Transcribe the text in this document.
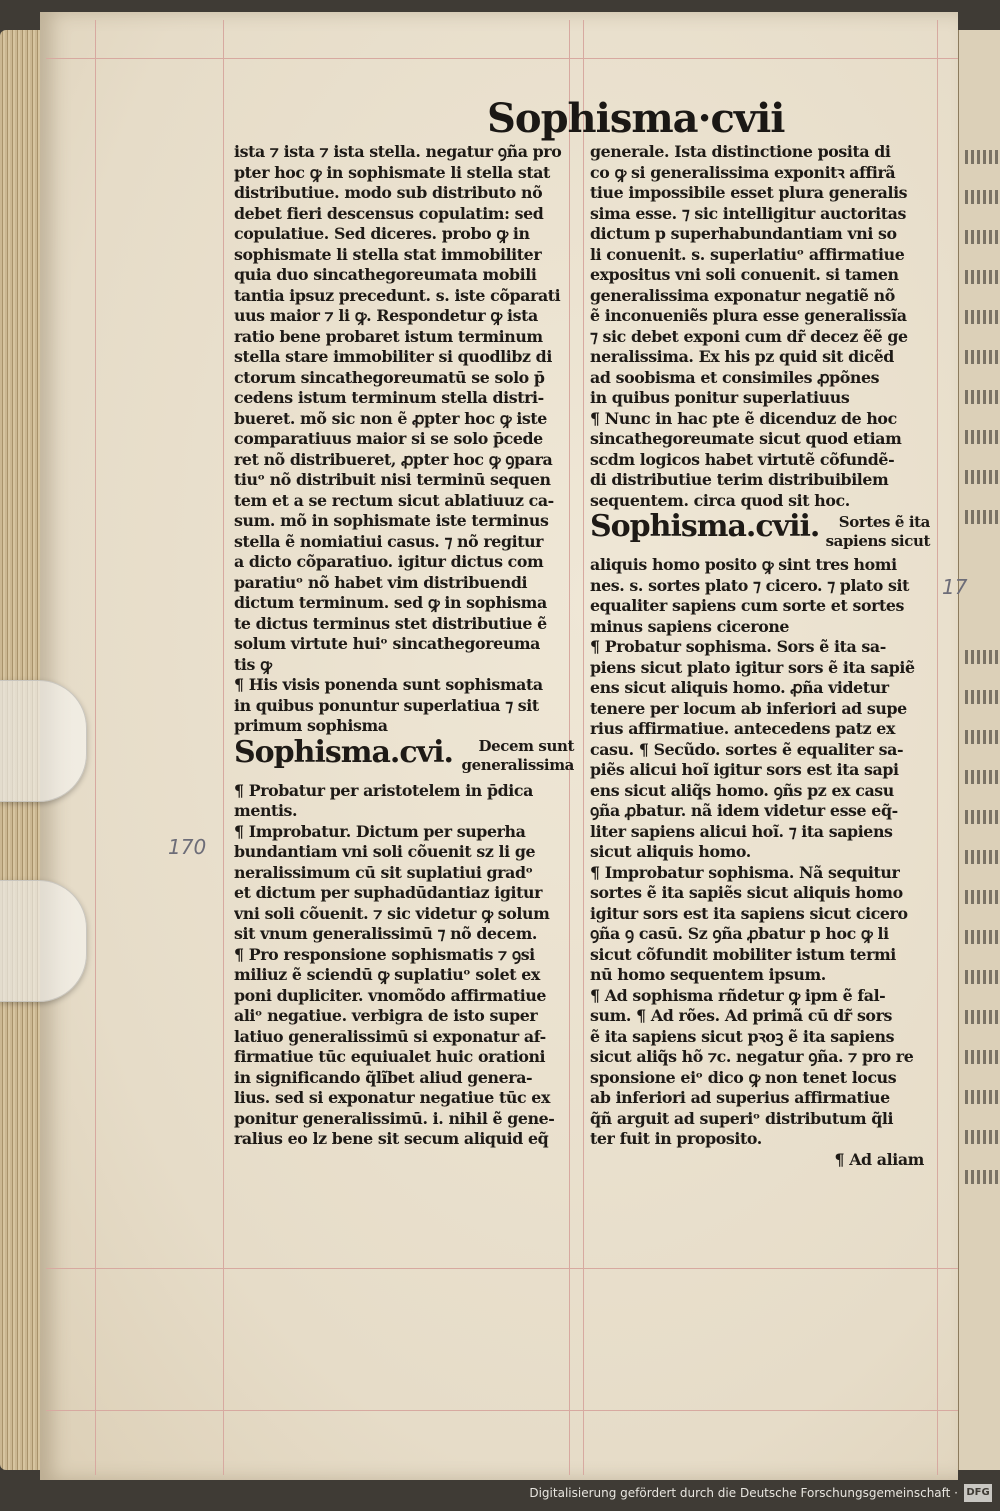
Sophisma·cvii
ista ⁊ ista ⁊ ista stella. negatur ꝯña pro
pter hoc ꝙ in sophismate li stella stat
distributiue. modo sub distributo nõ
debet fieri descensus copulatim: sed
copulatiue. Sed diceres. probo ꝙ in
sophismate li stella stat immobiliter
quia duo sincathegoreumata mobili
tantia ipsuz precedunt. s. iste cõparati
uus maior ⁊ li ꝙ. Respondetur ꝙ ista
ratio bene probaret istum terminum
stella stare immobiliter si quodlibz di
ctorum sincathegoreumatū se solo p̄
cedens istum terminum stella distri-
bueret. mõ sic non ẽ ꝓpter hoc ꝙ iste
comparatiuus maior si se solo p̄cede
ret nõ distribueret, ꝓpter hoc ꝙ ꝯpara
tiuᵒ nõ distribuit nisi terminū sequen
tem et a se rectum sicut ablatiuuz ca-
sum. mõ in sophismate iste terminus
stella ẽ nomiatiui casus. ⁊ nõ regitur
a dicto cõparatiuo. igitur dictus com
paratiuᵒ nõ habet vim distribuendi
dictum terminum. sed ꝙ in sophisma
te dictus terminus stet distributiue ẽ
solum virtute huiᵒ sincathegoreuma
tis ꝙ
¶ His visis ponenda sunt sophismata
in quibus ponuntur superlatiua ⁊ sit
primum sophisma
Sophisma.cvi.	Decem sunt
generalissima
¶ Probatur per aristotelem in p̄dica
mentis.
¶ Improbatur. Dictum per superha
bundantiam vni soli cõuenit sz li ge
neralissimum cū sit suplatiui gradᵒ
et dictum per suphadūdantiaz igitur
vni soli cõuenit. ⁊ sic videtur ꝙ solum
sit vnum generalissimū ⁊ nõ decem.
¶ Pro responsione sophismatis ⁊ ꝯsi
miliuz ẽ sciendū ꝙ suplatiuᵒ solet ex
poni dupliciter. vnomõdo affirmatiue
aliᵒ negatiue. verbigra de isto super
latiuo generalissimū si exponatur af-
firmatiue tūc equiualet huic orationi
in significando q̃lĩbet aliud genera-
lius. sed si exponatur negatiue tūc ex
ponitur generalissimū. i. nihil ẽ gene-
ralius eo lz bene sit secum aliquid eq̃
generale. Ista distinctione posita di
co ꝙ si generalissima exponitꝛ affirã
tiue impossibile esset plura generalis
sima esse. ⁊ sic intelligitur auctoritas
dictum p superhabundantiam vni so
li conuenit. s. superlatiuᵒ affirmatiue
expositus vni soli conuenit. si tamen
generalissima exponatur negatiẽ nõ
ẽ inconueniẽs plura esse generalissĩa
⁊ sic debet exponi cum dr̃ decez ẽẽ ge
neralissima. Ex his pz quid sit dicẽd
ad soobisma et consimiles ꝓpõnes
in quibus ponitur superlatiuus
¶ Nunc in hac pte ẽ dicenduz de hoc
sincathegoreumate sicut quod etiam
scdm logicos habet virtutẽ cõfundẽ-
di distributiue terim distribuibilem
sequentem. circa quod sit hoc.
Sophisma.cvii.	Sortes ẽ ita
sapiens sicut
aliquis homo posito ꝙ sint tres homi
nes. s. sortes plato ⁊ cicero. ⁊ plato sit
equaliter sapiens cum sorte et sortes
minus sapiens cicerone
¶ Probatur sophisma. Sors ẽ ita sa-
piens sicut plato igitur sors ẽ ita sapiẽ
ens sicut aliquis homo. ꝓña videtur
tenere per locum ab inferiori ad supe
rius affirmatiue. antecedens patz ex
casu. ¶ Secũdo. sortes ẽ equaliter sa-
piẽs alicui hoĩ igitur sors est ita sapi
ens sicut aliq̃s homo. ꝯñs pz ex casu
ꝯña ꝓbatur. nã idem videtur esse eq̃-
liter sapiens alicui hoĩ. ⁊ ita sapiens
sicut aliquis homo.
¶ Improbatur sophisma. Nã sequitur
sortes ẽ ita sapiẽs sicut aliquis homo
igitur sors est ita sapiens sicut cicero
ꝯña ꝯ casū. Sz ꝯña ꝓbatur p hoc ꝙ li
sicut cõfundit mobiliter istum termi
nū homo sequentem ipsum.
¶ Ad sophisma rñdetur ꝙ ipm ẽ fal-
sum. ¶ Ad rões. Ad primã cū dr̃ sors
ẽ ita sapiens sicut pꝛoꝫ ẽ ita sapiens
sicut aliq̃s hõ ⁊c. negatur ꝯña. ⁊ pro re
sponsione eiᵒ dico ꝙ non tenet locus
ab inferiori ad superius affirmatiue
q̃ñ arguit ad superiᵒ distributum q̃li
ter fuit in proposito.
¶ Ad aliam
170
17
Digitalisierung gefördert durch die Deutsche Forschungsgemeinschaft · DFG
